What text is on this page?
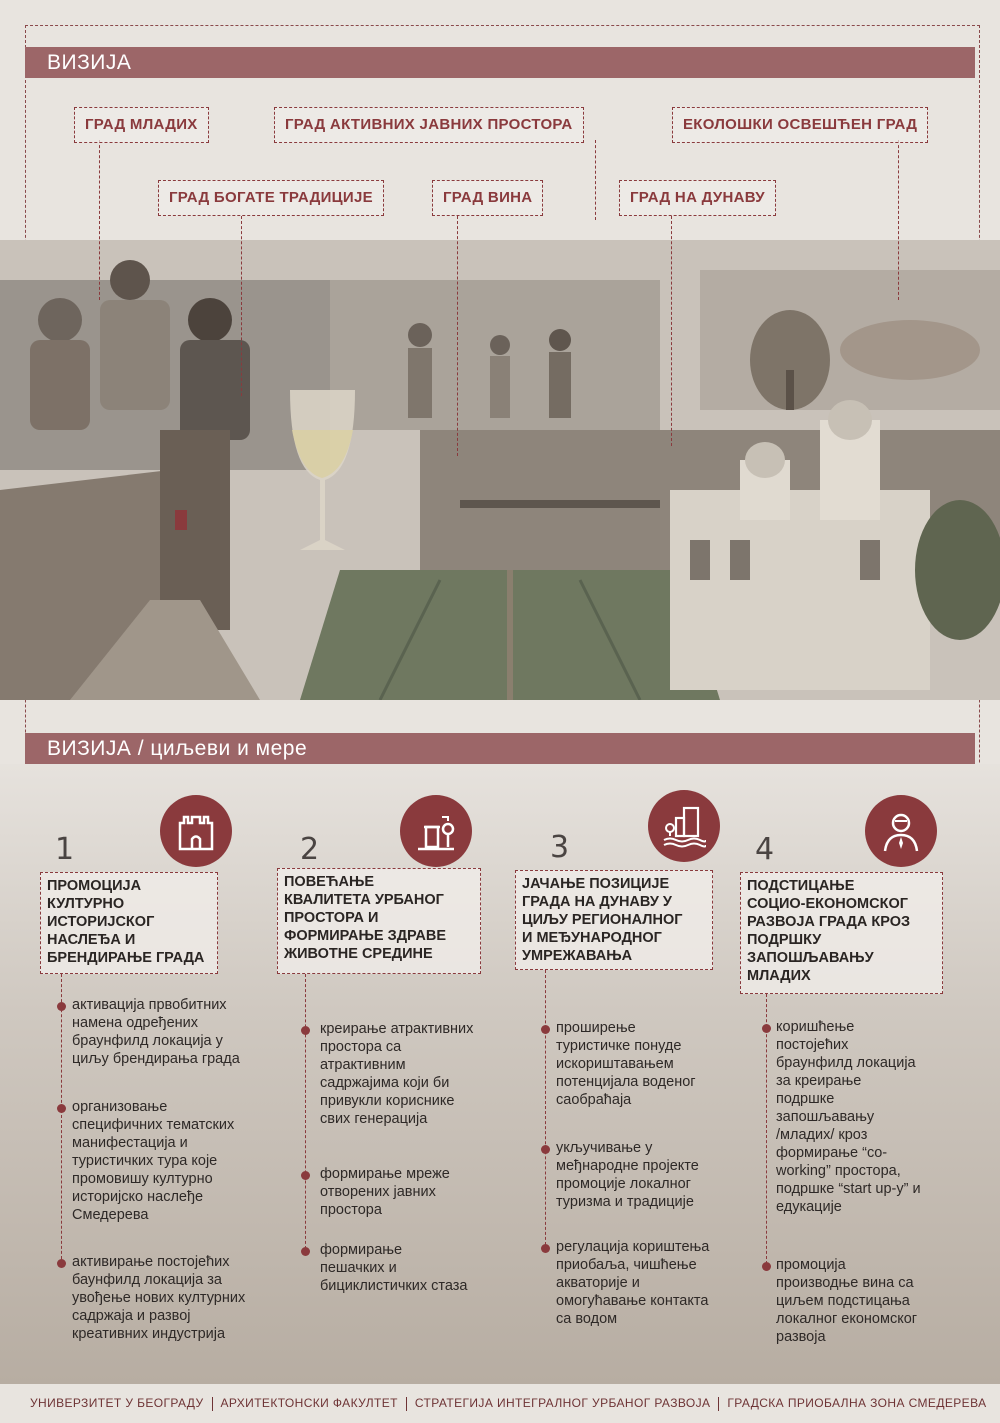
ВИЗИЈА
ГРАД МЛАДИХ	ГРАД АКТИВНИХ ЈАВНИХ ПРОСТОРА	ЕКОЛОШКИ ОСВЕШЋЕН ГРАД
ГРАД БОГАТЕ ТРАДИЦИЈЕ	ГРАД ВИНА	ГРАД НА ДУНАВУ
ВИЗИЈА / циљеви и мере
1
ПРОМОЦИЈА
КУЛТУРНО
ИСТОРИЈСКОГ
НАСЛЕЂА И
БРЕНДИРАЊЕ ГРАДА
активација првобитних
намена одређених
браунфилд локација у
циљу брендирања града
организовање
специфичних тематских
манифестација и
туристичких тура које
промовишу културно
историјско наслеђе
Смедерева
активирање постојећих
баунфилд локација за
увођење нових културних
садржаја и развој
креативних индустрија
2
ПОВЕЋАЊЕ
КВАЛИТЕТА УРБАНОГ
ПРОСТОРА И
ФОРМИРАЊЕ ЗДРАВЕ
ЖИВОТНЕ СРЕДИНЕ
креирање атрактивних
простора са
атрактивним
садржајима који би
привукли кориснике
свих генерација
формирање мреже
отворених јавних
простора
формирање
пешачких и
бициклистичких стаза
3
ЈАЧАЊЕ ПОЗИЦИЈЕ
ГРАДА НА ДУНАВУ У
ЦИЉУ РЕГИОНАЛНОГ
И МЕЂУНАРОДНОГ
УМРЕЖАВАЊА
проширење
туристичке понуде
искориштавањем
потенцијала воденог
саобраћаја
укључивање у
међнародне пројекте
промоције локалног
туризма и традиције
регулација кориштења
приобаља, чишћење
акваторије и
омогућавање контакта
са водом
4
ПОДСТИЦАЊЕ
СОЦИО-ЕКОНОМСКОГ
РАЗВОЈА ГРАДА КРОЗ
ПОДРШКУ
ЗАПОШЉАВАЊУ
МЛАДИХ
коришћење
постојећих
браунфилд локација
за креирање
подршке
запошљавању
/младих/ кроз
формирање “co-
working” простора,
подршке “start up-у” и
едукације
промоција
производње вина са
циљем подстицања
локалног економског
развоја
УНИВЕРЗИТЕТ У БЕОГРАДУ АРХИТЕКТОНСКИ ФАКУЛТЕТ СТРАТЕГИЈА ИНТЕГРАЛНОГ УРБАНОГ РАЗВОЈА ГРАДСКА ПРИОБАЛНА ЗОНА СМЕДЕРЕВА
